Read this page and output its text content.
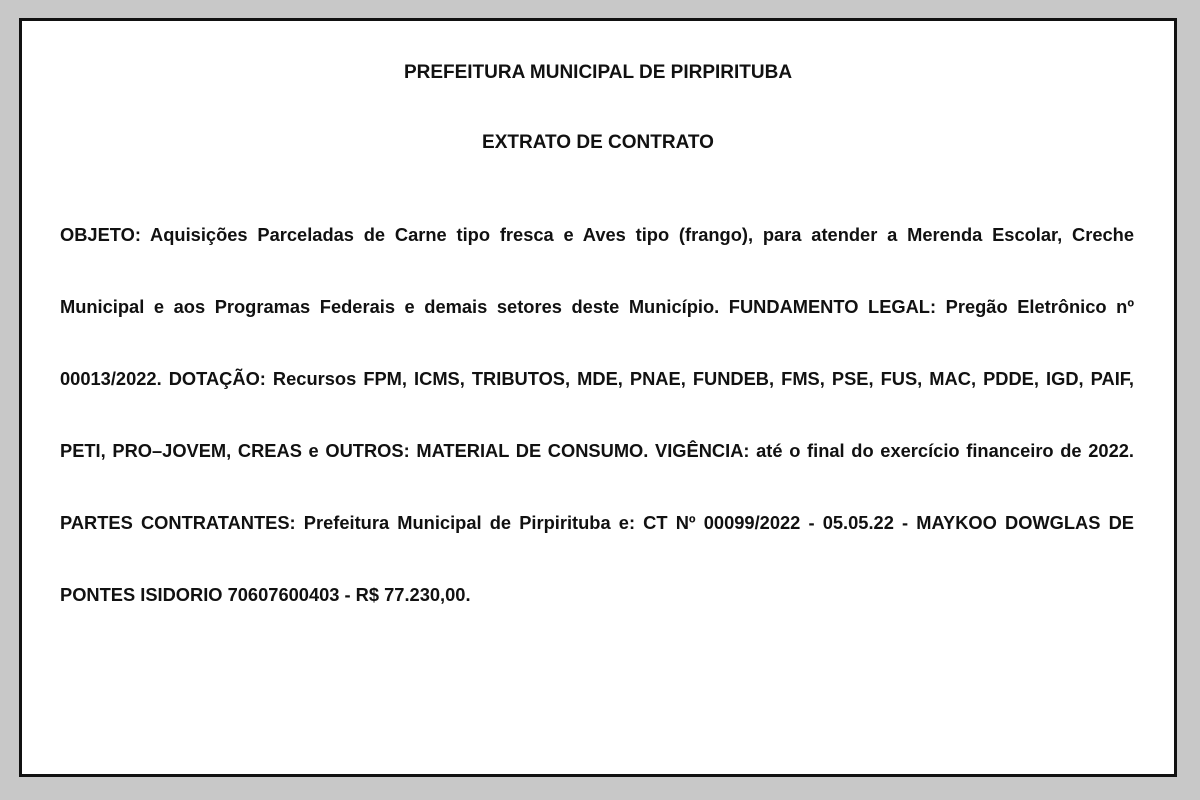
PREFEITURA MUNICIPAL DE PIRPIRITUBA
EXTRATO DE CONTRATO

OBJETO: Aquisições Parceladas de Carne tipo fresca e Aves tipo (frango), para atender a Merenda Escolar, Creche Municipal e aos Programas Federais e demais setores deste Município. FUNDAMENTO LEGAL: Pregão Eletrônico nº 00013/2022. DOTAÇÃO: Recursos FPM, ICMS, TRIBUTOS, MDE, PNAE, FUNDEB, FMS, PSE, FUS, MAC, PDDE, IGD, PAIF, PETI, PRO–JOVEM, CREAS e OUTROS: MATERIAL DE CONSUMO. VIGÊNCIA: até o final do exercício financeiro de 2022. PARTES CONTRATANTES: Prefeitura Municipal de Pirpirituba e: CT Nº 00099/2022 - 05.05.22 - MAYKOO DOWGLAS DE PONTES ISIDORIO 70607600403 - R$ 77.230,00.
